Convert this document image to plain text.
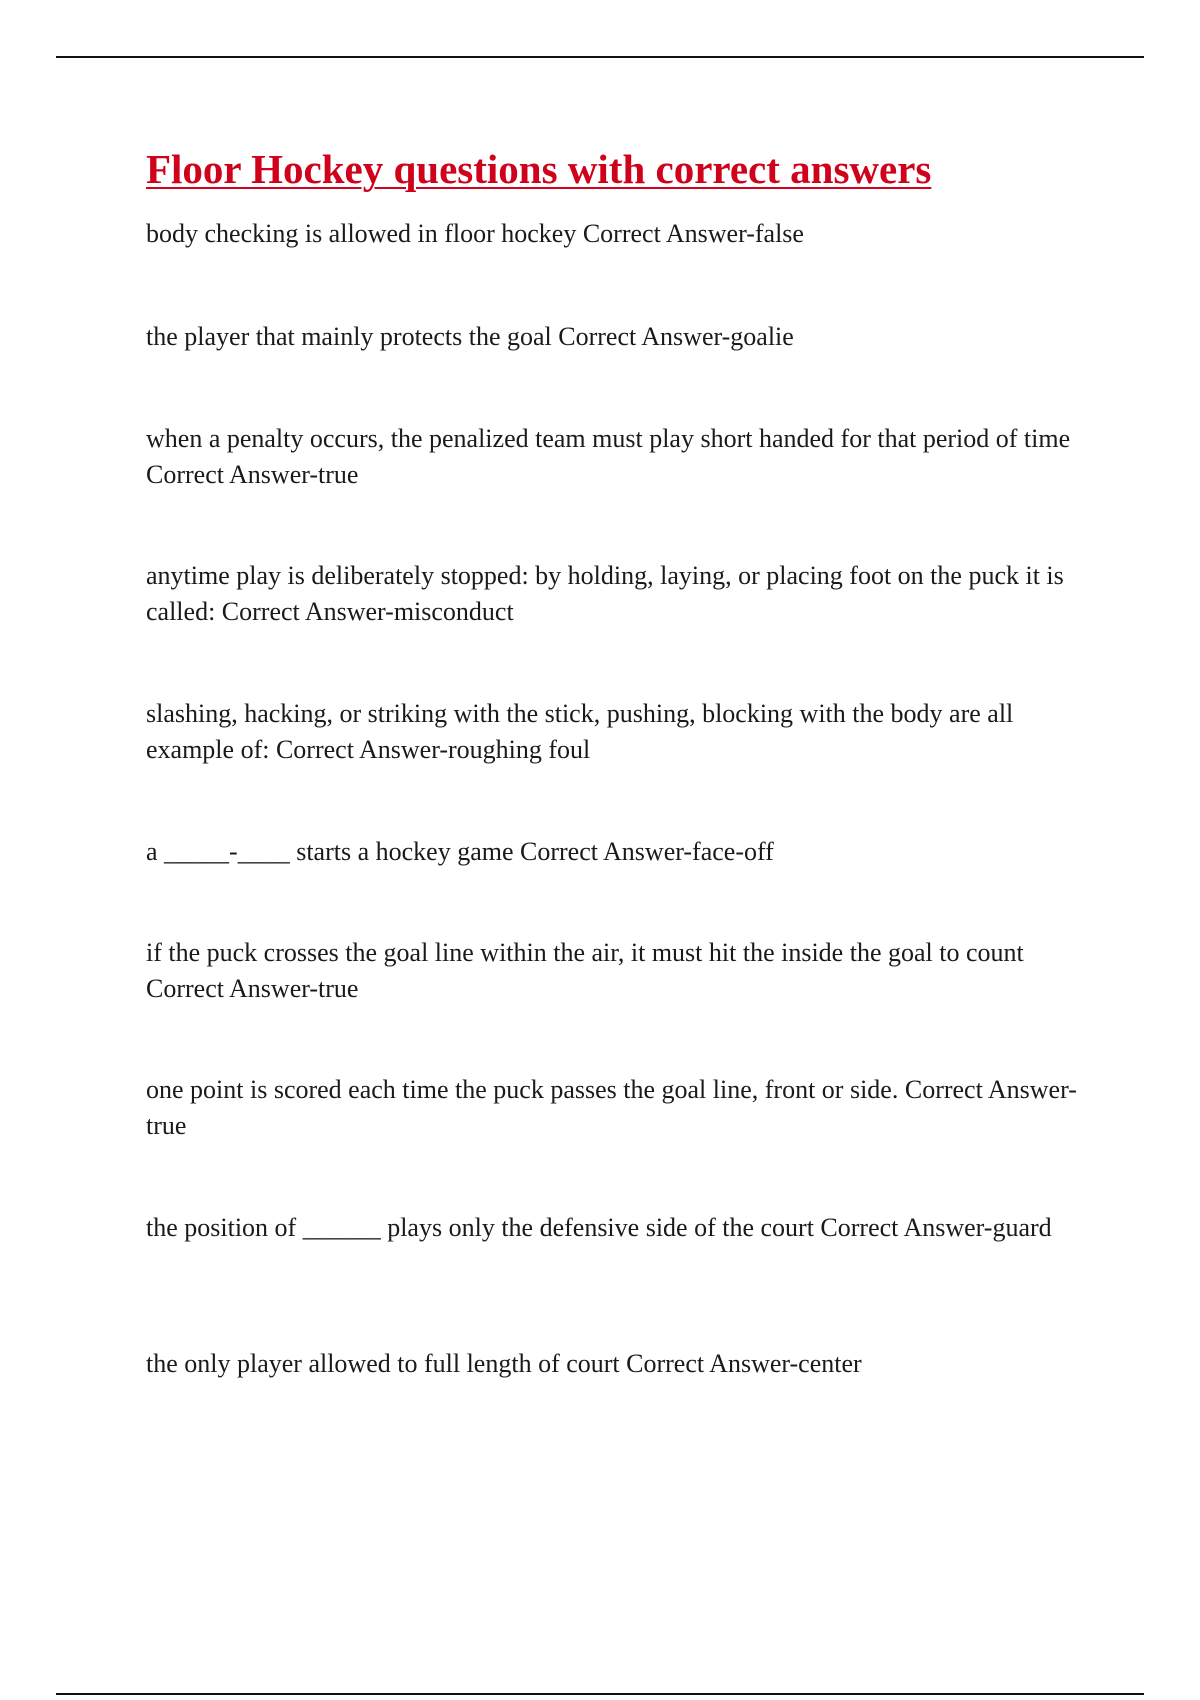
Floor Hockey questions with correct answers

body checking is allowed in floor hockey Correct Answer-false

the player that mainly protects the goal Correct Answer-goalie

when a penalty occurs, the penalized team must play short handed for that period of time Correct Answer-true

anytime play is deliberately stopped: by holding, laying, or placing foot on the puck it is called: Correct Answer-misconduct

slashing, hacking, or striking with the stick, pushing, blocking with the body are all example of: Correct Answer-roughing foul

a _____-____ starts a hockey game Correct Answer-face-off

if the puck crosses the goal line within the air, it must hit the inside the goal to count Correct Answer-true

one point is scored each time the puck passes the goal line, front or side. Correct Answer-true

the position of ______ plays only the defensive side of the court Correct Answer-guard

the only player allowed to full length of court Correct Answer-center
